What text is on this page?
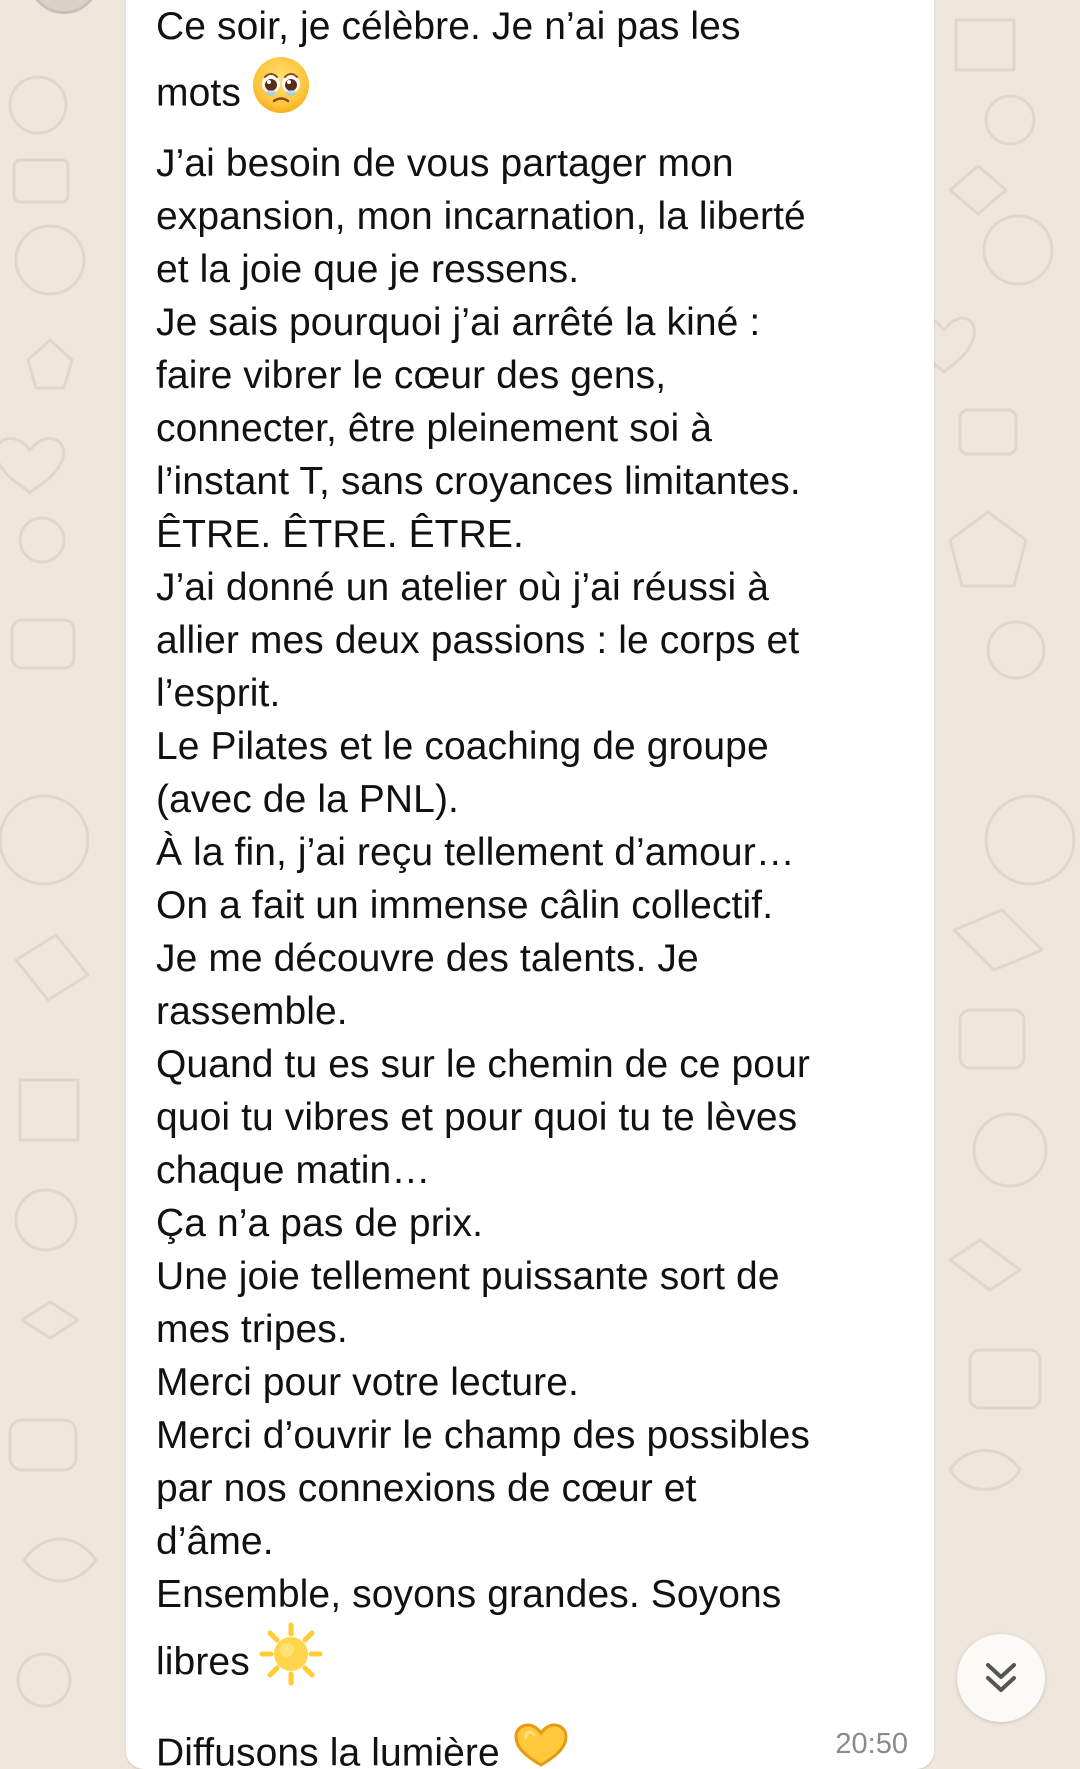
Ce soir, je célèbre. Je n’ai pas les
mots
J’ai besoin de vous partager mon
expansion, mon incarnation, la liberté
et la joie que je ressens.
Je sais pourquoi j’ai arrêté la kiné :
faire vibrer le cœur des gens,
connecter, être pleinement soi à
l’instant T, sans croyances limitantes.
ÊTRE. ÊTRE. ÊTRE.
J’ai donné un atelier où j’ai réussi à
allier mes deux passions : le corps et
l’esprit.
Le Pilates et le coaching de groupe
(avec de la PNL).
À la fin, j’ai reçu tellement d’amour…
On a fait un immense câlin collectif.
Je me découvre des talents. Je
rassemble.
Quand tu es sur le chemin de ce pour
quoi tu vibres et pour quoi tu te lèves
chaque matin…
Ça n’a pas de prix.
Une joie tellement puissante sort de
mes tripes.
Merci pour votre lecture.
Merci d’ouvrir le champ des possibles
par nos connexions de cœur et
d’âme.
Ensemble, soyons grandes. Soyons
libres
Diffusons la lumière	20:50
